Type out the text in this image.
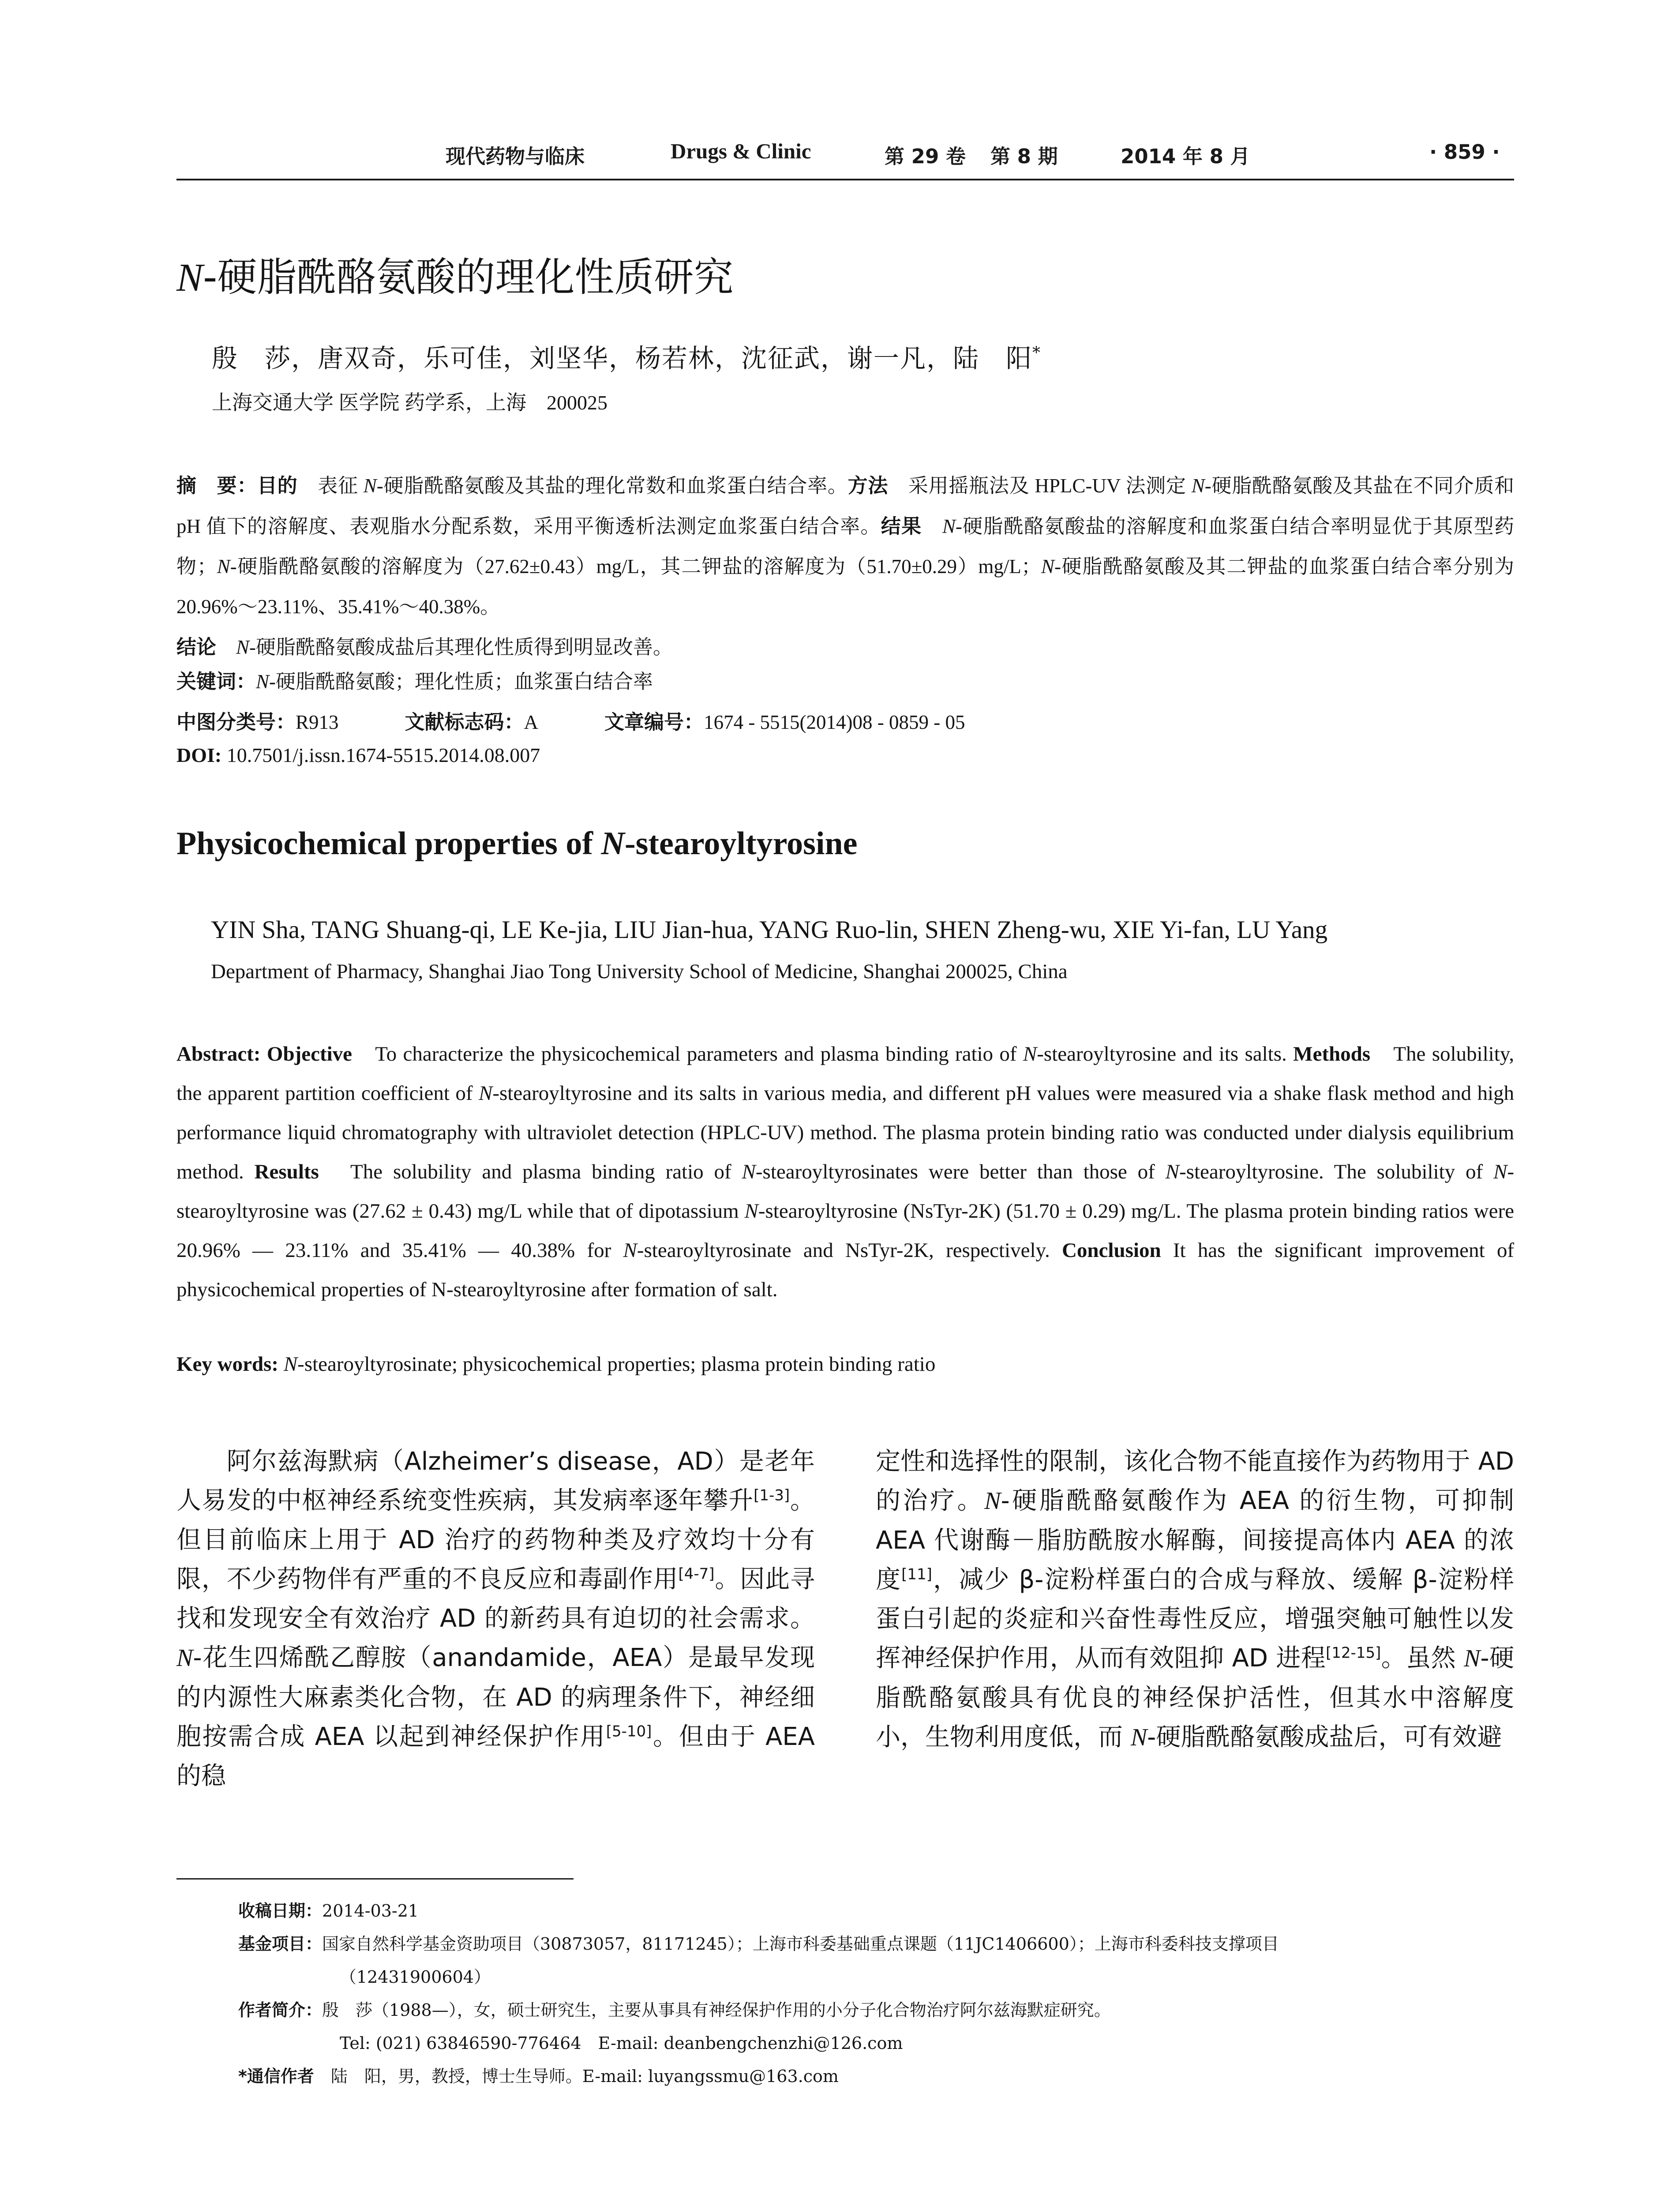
现代药物与临床	Drugs & Clinic	第 29 卷 第 8 期	2014 年 8 月	· 859 ·
N-硬脂酰酪氨酸的理化性质研究
殷　莎，唐双奇，乐可佳，刘坚华，杨若林，沈征武，谢一凡，陆　阳*
上海交通大学 医学院 药学系，上海　200025
摘　要：目的　表征 N-硬脂酰酪氨酸及其盐的理化常数和血浆蛋白结合率。方法　采用摇瓶法及 HPLC-UV 法测定 N-硬脂酰酪氨酸及其盐在不同介质和 pH 值下的溶解度、表观脂水分配系数，采用平衡透析法测定血浆蛋白结合率。结果　 N-硬脂酰酪氨酸盐的溶解度和血浆蛋白结合率明显优于其原型药物；N-硬脂酰酪氨酸的溶解度为（27.62±0.43）mg/L，其二钾盐的溶解度为（51.70±0.29）mg/L；N-硬脂酰酪氨酸及其二钾盐的血浆蛋白结合率分别为 20.96%～23.11%、35.41%～40.38%。
结论　 N-硬脂酰酪氨酸成盐后其理化性质得到明显改善。
关键词：N-硬脂酰酪氨酸；理化性质；血浆蛋白结合率
中图分类号：R913	文献标志码：A	文章编号：1674 - 5515(2014)08 - 0859 - 05
DOI: 10.7501/j.issn.1674-5515.2014.08.007
Physicochemical properties of N-stearoyltyrosine
YIN Sha, TANG Shuang-qi, LE Ke-jia, LIU Jian-hua, YANG Ruo-lin, SHEN Zheng-wu, XIE Yi-fan, LU Yang
Department of Pharmacy, Shanghai Jiao Tong University School of Medicine, Shanghai 200025, China
Abstract: Objective　To characterize the physicochemical parameters and plasma binding ratio of N-stearoyltyrosine and its salts. Methods　The solubility, the apparent partition coefficient of N-stearoyltyrosine and its salts in various media, and different pH values were measured via a shake flask method and high performance liquid chromatography with ultraviolet detection (HPLC-UV) method. The plasma protein binding ratio was conducted under dialysis equilibrium method. Results　The solubility and plasma binding ratio of N-stearoyltyrosinates were better than those of N-stearoyltyrosine. The solubility of N-stearoyltyrosine was (27.62 ± 0.43) mg/L while that of dipotassium N-stearoyltyrosine (NsTyr-2K) (51.70 ± 0.29) mg/L. The plasma protein binding ratios were 20.96% — 23.11% and 35.41% — 40.38% for N-stearoyltyrosinate and NsTyr-2K, respectively. Conclusion It has the significant improvement of physicochemical properties of N-stearoyltyrosine after formation of salt.
Key words: N-stearoyltyrosinate; physicochemical properties; plasma protein binding ratio
阿尔兹海默病（Alzheimer’s disease，AD）是老年人易发的中枢神经系统变性疾病，其发病率逐年攀升[1-3]。但目前临床上用于 AD 治疗的药物种类及疗效均十分有限，不少药物伴有严重的不良反应和毒副作用[4-7]。因此寻找和发现安全有效治疗 AD 的新药具有迫切的社会需求。N-花生四烯酰乙醇胺（anandamide，AEA）是最早发现的内源性大麻素类化合物，在 AD 的病理条件下，神经细胞按需合成 AEA 以起到神经保护作用[5-10]。但由于 AEA 的稳
定性和选择性的限制，该化合物不能直接作为药物用于 AD 的治疗。N-硬脂酰酪氨酸作为 AEA 的衍生物，可抑制 AEA 代谢酶－脂肪酰胺水解酶，间接提高体内 AEA 的浓度[11]，减少 β-淀粉样蛋白的合成与释放、缓解 β-淀粉样蛋白引起的炎症和兴奋性毒性反应，增强突触可触性以发挥神经保护作用，从而有效阻抑 AD 进程[12-15]。虽然 N-硬脂酰酪氨酸具有优良的神经保护活性，但其水中溶解度小，生物利用度低，而 N-硬脂酰酪氨酸成盐后，可有效避
收稿日期：2014-03-21
基金项目：国家自然科学基金资助项目（30873057，81171245）；上海市科委基础重点课题（11JC1406600）；上海市科委科技支撑项目
（12431900604）
作者简介：殷　莎（1988—），女，硕士研究生，主要从事具有神经保护作用的小分子化合物治疗阿尔兹海默症研究。
Tel: (021) 63846590-776464　E-mail: deanbengchenzhi@126.com
*通信作者　陆　阳，男，教授，博士生导师。E-mail: luyangssmu@163.com
